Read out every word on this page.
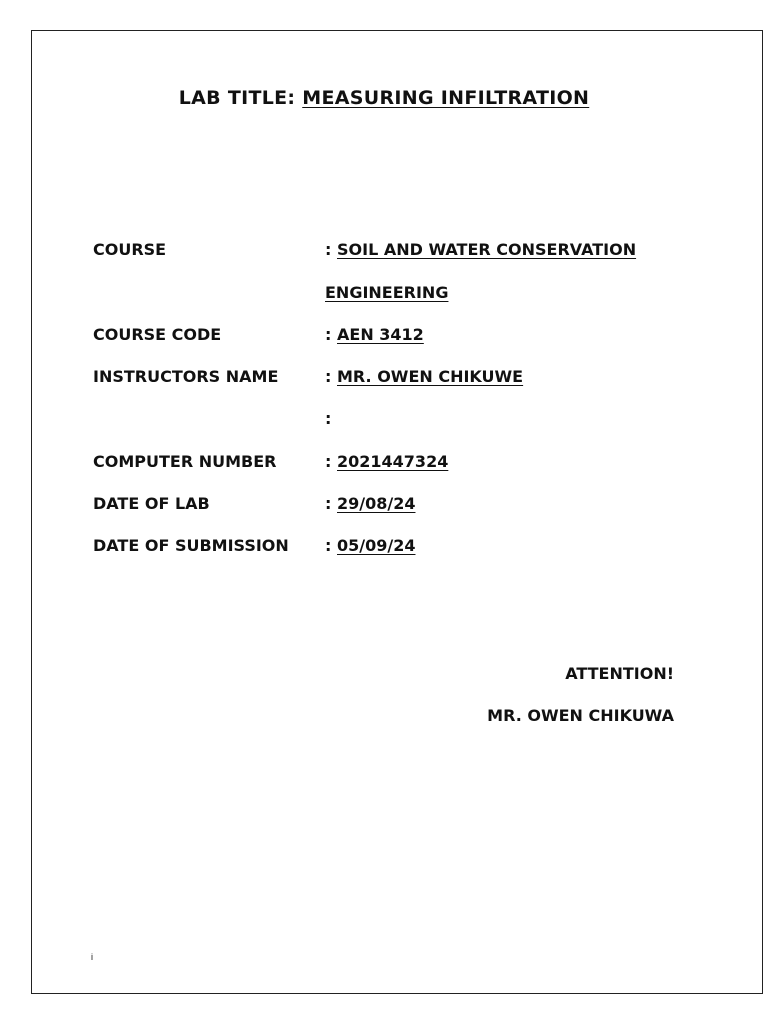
LAB TITLE: MEASURING INFILTRATION
COURSE	: SOIL AND WATER CONSERVATION
ENGINEERING
COURSE CODE	: AEN 3412
INSTRUCTORS NAME	: MR. OWEN CHIKUWE
:
COMPUTER NUMBER	: 2021447324
DATE OF LAB	: 29/08/24
DATE OF SUBMISSION : 05/09/24
ATTENTION!
MR. OWEN CHIKUWA
i
